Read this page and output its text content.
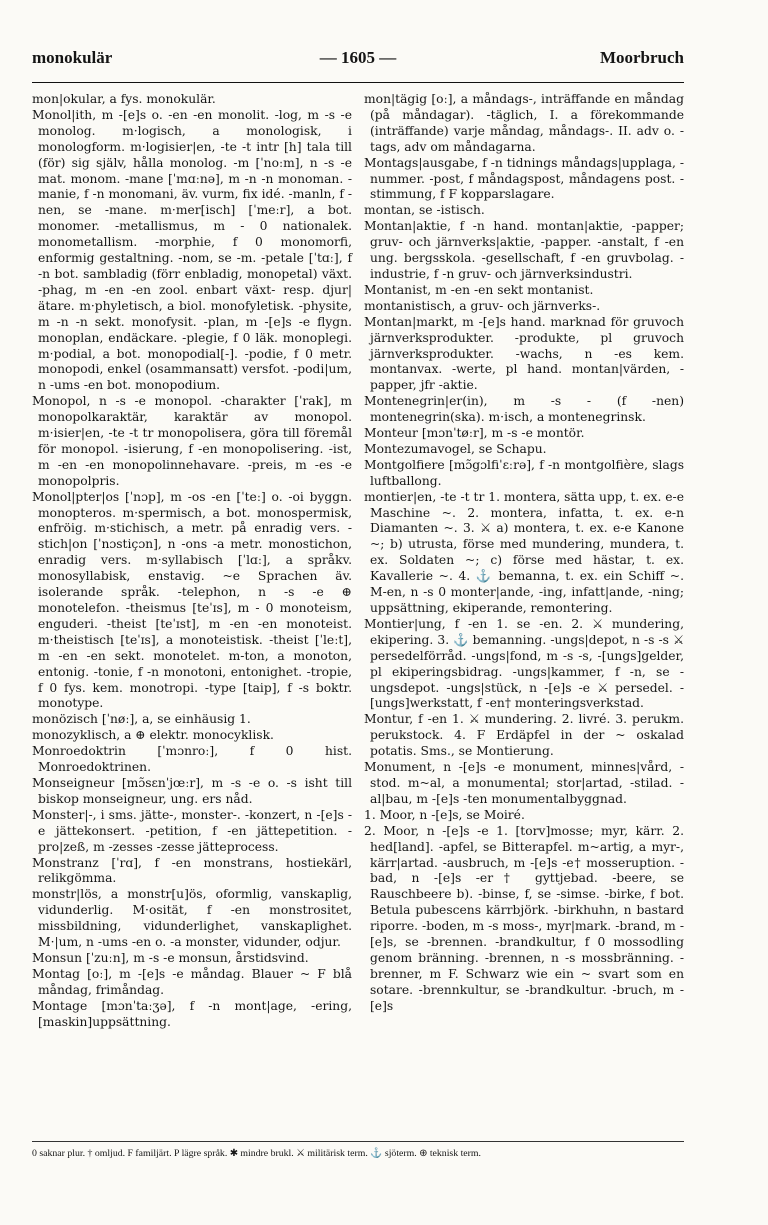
monokulär	— 1605 —	Moorbruch

mon|okular, a fys. monokulär.

Monol|ith, m -[e]s o. -en -en monolit. -log, m -s -e monolog. m·logisch, a monologisk, i monologform. m·logisier|en, -te -t intr [h] tala till (för) sig själv, hålla monolog. -m [ˈnoːm], n -s -e mat. monom. -mane [ˈmɑːnə], m -n -n monoman. -manie, f -n monomani, äv. vurm, fix idé. -manln, f -nen, se -mane. m·mer[isch] [ˈmeːr], a bot. monomer. -metallismus, m - 0 nationalek. monometallism. -morphie, f 0 monomorfi, enformig gestaltning. -nom, se -m. -petale [ˈtɑː], f -n bot. sambladig (förr enbladig, monopetal) växt. -phag, m -en -en zool. enbart växt- resp. djur|ätare. m·phyletisch, a biol. monofyletisk. -physite, m -n -n sekt. monofysit. -plan, m -[e]s -e flygn. monoplan, endäckare. -plegie, f 0 läk. monoplegi. m·podial, a bot. monopodial[-]. -podie, f 0 metr. monopodi, enkel (osammansatt) versfot. -podi|um, n -ums -en bot. monopodium.

Monopol, n -s -e monopol. -charakter [ˈrak], m monopolkaraktär, karaktär av monopol. m·isier|en, -te -t tr monopolisera, göra till föremål för monopol. -isierung, f -en monopolisering. -ist, m -en -en monopolinnehavare. -preis, m -es -e monopolpris.

Monol|pter|os [ˈnɔp], m -os -en [ˈteː] o. -oi byggn. monopteros. m·spermisch, a bot. monospermisk, enfröig. m·stichisch, a metr. på enradig vers. -stich|on [ˈnɔstiçɔn], n -ons -a metr. monostichon, enradig vers. m·syllabisch [ˈlɑː], a språkv. monosyllabisk, enstavig. ~e Sprachen äv. isolerande språk. -telephon, n -s -e ⊕ monotelefon. -theismus [teˈɪs], m - 0 monoteism, enguderi. -theist [teˈɪst], m -en -en monoteist. m·theistisch [teˈɪs], a monoteistisk. -theist [ˈleːt], m -en -en sekt. monotelet. m-ton, a monoton, entonig. -tonie, f -n monotoni, entonighet. -tropie, f 0 fys. kem. monotropi. -type [taip], f -s boktr. monotype.

monözisch [ˈnøː], a, se einhäusig 1.

monozyklisch, a ⊕ elektr. monocyklisk.

Monroedoktrin [ˈmɔnroː], f 0 hist. Monroedoktrinen.

Monseigneur [mɔ̃sɛnˈjœːr], m -s -e o. -s isht till biskop monseigneur, ung. ers nåd.

Monster|-, i sms. jätte-, monster-. -konzert, n -[e]s -e jättekonsert. -petition, f -en jättepetition. -pro|zeß, m -zesses -zesse jätteprocess.

Monstranz [ˈrɑ], f -en monstrans, hostiekärl, relikgömma.

monstr|lös, a monstr[u]ös, oformlig, vanskaplig, vidunderlig. M·osität, f -en monstrositet, missbildning, vidunderlighet, vanskaplighet. M·|um, n -ums -en o. -a monster, vidunder, odjur.

Monsun [ˈzuːn], m -s -e monsun, årstidsvind.

Montag [oː], m -[e]s -e måndag. Blauer ~ F blå måndag, frimåndag.

Montage [mɔnˈtaːʒə], f -n mont|age, -ering, [maskin]uppsättning.

mon|tägig [oː], a måndags-, inträffande en måndag (på måndagar). -täglich, I. a förekommande (inträffande) varje måndag, måndags-. II. adv o. -tags, adv om måndagarna.

Montags|ausgabe, f -n tidnings måndags|upplaga, -nummer. -post, f måndagspost, måndagens post. -stimmung, f F kopparslagare.

montan, se -istisch.

Montan|aktie, f -n hand. montan|aktie, -papper; gruv- och järnverks|aktie, -papper. -anstalt, f -en ung. bergsskola. -gesellschaft, f -en gruvbolag. -industrie, f -n gruv- och järnverksindustri.

Montanist, m -en -en sekt montanist.

montanistisch, a gruv- och järnverks-.

Montan|markt, m -[e]s hand. marknad för gruvoch järnverksprodukter. -produkte, pl gruvoch järnverksprodukter. -wachs, n -es kem. montanvax. -werte, pl hand. montan|värden, -papper, jfr -aktie.

Montenegrin|er(in), m -s - (f -nen) montenegrin(ska). m·isch, a montenegrinsk.

Monteur [mɔnˈtøːr], m -s -e montör.

Montezumavogel, se Schapu.

Montgolfiere [mɔ̃gɔlfiˈɛːrə], f -n montgolfière, slags luftballong.

montier|en, -te -t tr 1. montera, sätta upp, t. ex. e-e Maschine ~. 2. montera, infatta, t. ex. e-n Diamanten ~. 3. ⚔ a) montera, t. ex. e-e Kanone ~; b) utrusta, förse med mundering, mundera, t. ex. Soldaten ~; c) förse med hästar, t. ex. Kavallerie ~. 4. ⚓ bemanna, t. ex. ein Schiff ~. M-en, n -s 0 monter|ande, -ing, infatt|ande, -ning; uppsättning, ekiperande, remontering.

Montier|ung, f -en 1. se -en. 2. ⚔ mundering, ekipering. 3. ⚓ bemanning. -ungs|depot, n -s -s ⚔ persedelförråd. -ungs|fond, m -s -s, -[ungs]gelder, pl ekiperingsbidrag. -ungs|kammer, f -n, se -ungsdepot. -ungs|stück, n -[e]s -e ⚔ persedel. -[ungs]werkstatt, f -en† monteringsverkstad.

Montur, f -en 1. ⚔ mundering. 2. livré. 3. perukm. perukstock. 4. F Erdäpfel in der ~ oskalad potatis. Sms., se Montierung.

Monument, n -[e]s -e monument, minnes|vård, -stod. m~al, a monumental; stor|artad, -stilad. -al|bau, m -[e]s -ten monumentalbyggnad.

1. Moor, n -[e]s, se Moiré.

2. Moor, n -[e]s -e 1. [torv]mosse; myr, kärr. 2. hed[land]. -apfel, se Bitterapfel. m~artig, a myr-, kärr|artad. -ausbruch, m -[e]s -e† mosseruption. -bad, n -[e]s -er† gyttjebad. -beere, se Rauschbeere b). -binse, f, se -simse. -birke, f bot. Betula pubescens kärrbjörk. -birkhuhn, n bastard riporre. -boden, m -s moss-, myr|mark. -brand, m -[e]s, se -brennen. -brandkultur, f 0 mossodling genom bränning. -brennen, n -s mossbränning. -brenner, m F. Schwarz wie ein ~ svart som en sotare. -brennkultur, se -brandkultur. -bruch, m -[e]s

0 saknar plur. † omljud. F familjärt. P lägre språk. ✱ mindre brukl. ⚔ militärisk term. ⚓ sjöterm. ⊕ teknisk term.
